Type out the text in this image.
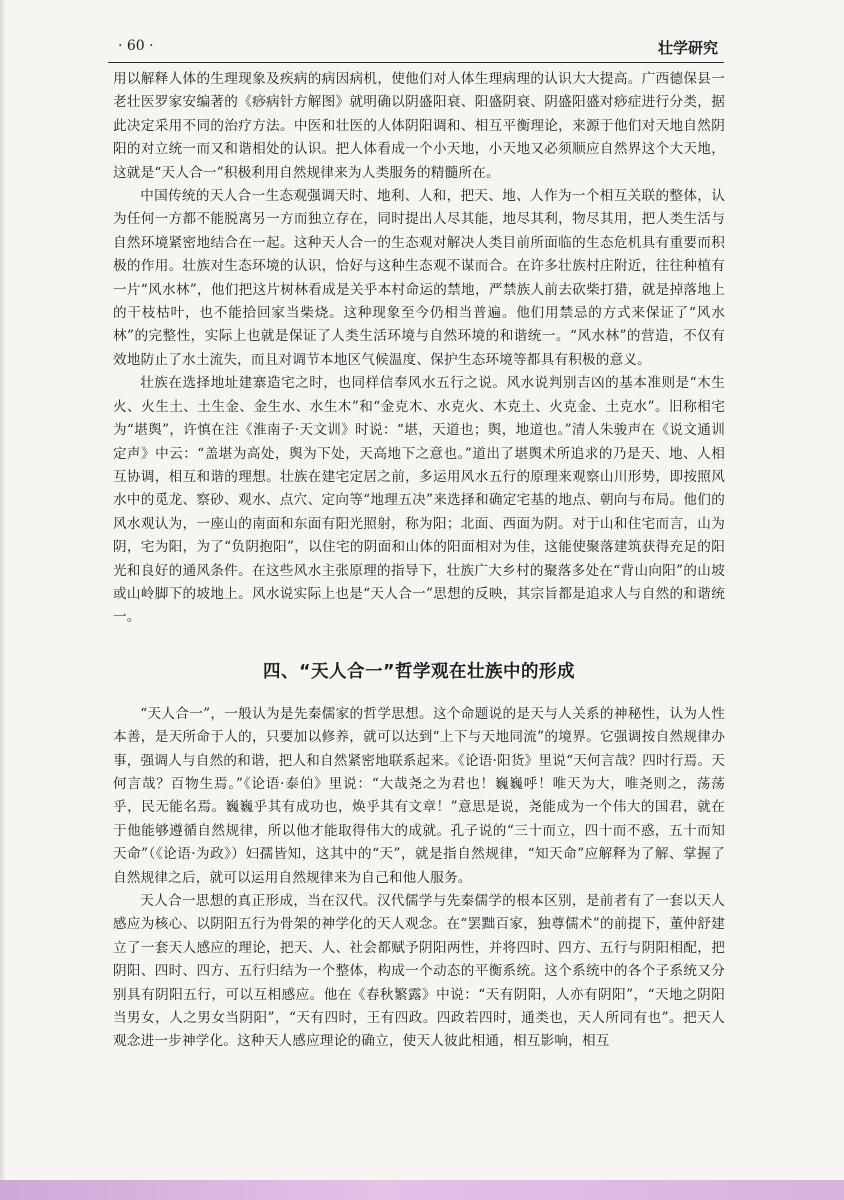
· 60 ·	壮学研究

用以解释人体的生理现象及疾病的病因病机，使他们对人体生理病理的认识大大提高。广西德保县一老壮医罗家安编著的《痧病针方解图》就明确以阴盛阳衰、阳盛阴衰、阴盛阳盛对痧症进行分类，据此决定采用不同的治疗方法。中医和壮医的人体阴阳调和、相互平衡理论，来源于他们对天地自然阴阳的对立统一而又和谐相处的认识。把人体看成一个小天地，小天地又必须顺应自然界这个大天地，这就是“天人合一”积极利用自然规律来为人类服务的精髓所在。

中国传统的天人合一生态观强调天时、地利、人和，把天、地、人作为一个相互关联的整体，认为任何一方都不能脱离另一方而独立存在，同时提出人尽其能，地尽其利，物尽其用，把人类生活与自然环境紧密地结合在一起。这种天人合一的生态观对解决人类目前所面临的生态危机具有重要而积极的作用。壮族对生态环境的认识，恰好与这种生态观不谋而合。在许多壮族村庄附近，往往种植有一片“风水林”，他们把这片树林看成是关乎本村命运的禁地，严禁族人前去砍柴打猎，就是掉落地上的干枝枯叶，也不能拾回家当柴烧。这种现象至今仍相当普遍。他们用禁忌的方式来保证了“风水林”的完整性，实际上也就是保证了人类生活环境与自然环境的和谐统一。“风水林”的营造，不仅有效地防止了水土流失，而且对调节本地区气候温度、保护生态环境等都具有积极的意义。

壮族在选择地址建寨造宅之时，也同样信奉风水五行之说。风水说判别吉凶的基本准则是“木生火、火生土、土生金、金生水、水生木”和“金克木、水克火、木克土、火克金、土克水”。旧称相宅为“堪舆”，许慎在注《淮南子·天文训》时说：“堪，天道也；舆，地道也。”清人朱骏声在《说文通训定声》中云：“盖堪为高处，舆为下处，天高地下之意也。”道出了堪舆术所追求的乃是天、地、人相互协调，相互和谐的理想。壮族在建宅定居之前，多运用风水五行的原理来观察山川形势，即按照风水中的觅龙、察砂、观水、点穴、定向等“地理五决”来选择和确定宅基的地点、朝向与布局。他们的风水观认为，一座山的南面和东面有阳光照射，称为阳；北面、西面为阴。对于山和住宅而言，山为阴，宅为阳，为了“负阴抱阳”，以住宅的阴面和山体的阳面相对为佳，这能使聚落建筑获得充足的阳光和良好的通风条件。在这些风水主张原理的指导下，壮族广大乡村的聚落多处在“背山向阳”的山坡或山岭脚下的坡地上。风水说实际上也是“天人合一”思想的反映，其宗旨都是追求人与自然的和谐统一。

四、“天人合一”哲学观在壮族中的形成

“天人合一”，一般认为是先秦儒家的哲学思想。这个命题说的是天与人关系的神秘性，认为人性本善，是天所命于人的，只要加以修养，就可以达到“上下与天地同流”的境界。它强调按自然规律办事，强调人与自然的和谐，把人和自然紧密地联系起来。《论语·阳货》里说“天何言哉？四时行焉。天何言哉？百物生焉。”《论语·泰伯》里说：“大哉尧之为君也！巍巍呼！唯天为大，唯尧则之，荡荡乎，民无能名焉。巍巍乎其有成功也，焕乎其有文章！”意思是说，尧能成为一个伟大的国君，就在于他能够遵循自然规律，所以他才能取得伟大的成就。孔子说的“三十而立，四十而不惑，五十而知天命”（《论语·为政》）妇孺皆知，这其中的“天”，就是指自然规律，“知天命”应解释为了解、掌握了自然规律之后，就可以运用自然规律来为自己和他人服务。

天人合一思想的真正形成，当在汉代。汉代儒学与先秦儒学的根本区别，是前者有了一套以天人感应为核心、以阴阳五行为骨架的神学化的天人观念。在“罢黜百家，独尊儒术”的前提下，董仲舒建立了一套天人感应的理论，把天、人、社会都赋予阴阳两性，并将四时、四方、五行与阴阳相配，把阴阳、四时、四方、五行归结为一个整体，构成一个动态的平衡系统。这个系统中的各个子系统又分别具有阴阳五行，可以互相感应。他在《春秋繁露》中说：“天有阴阳，人亦有阴阳”，“天地之阴阳当男女，人之男女当阴阳”，“天有四时，王有四政。四政若四时，通类也，天人所同有也”。把天人观念进一步神学化。这种天人感应理论的确立，使天人彼此相通，相互影响，相互
